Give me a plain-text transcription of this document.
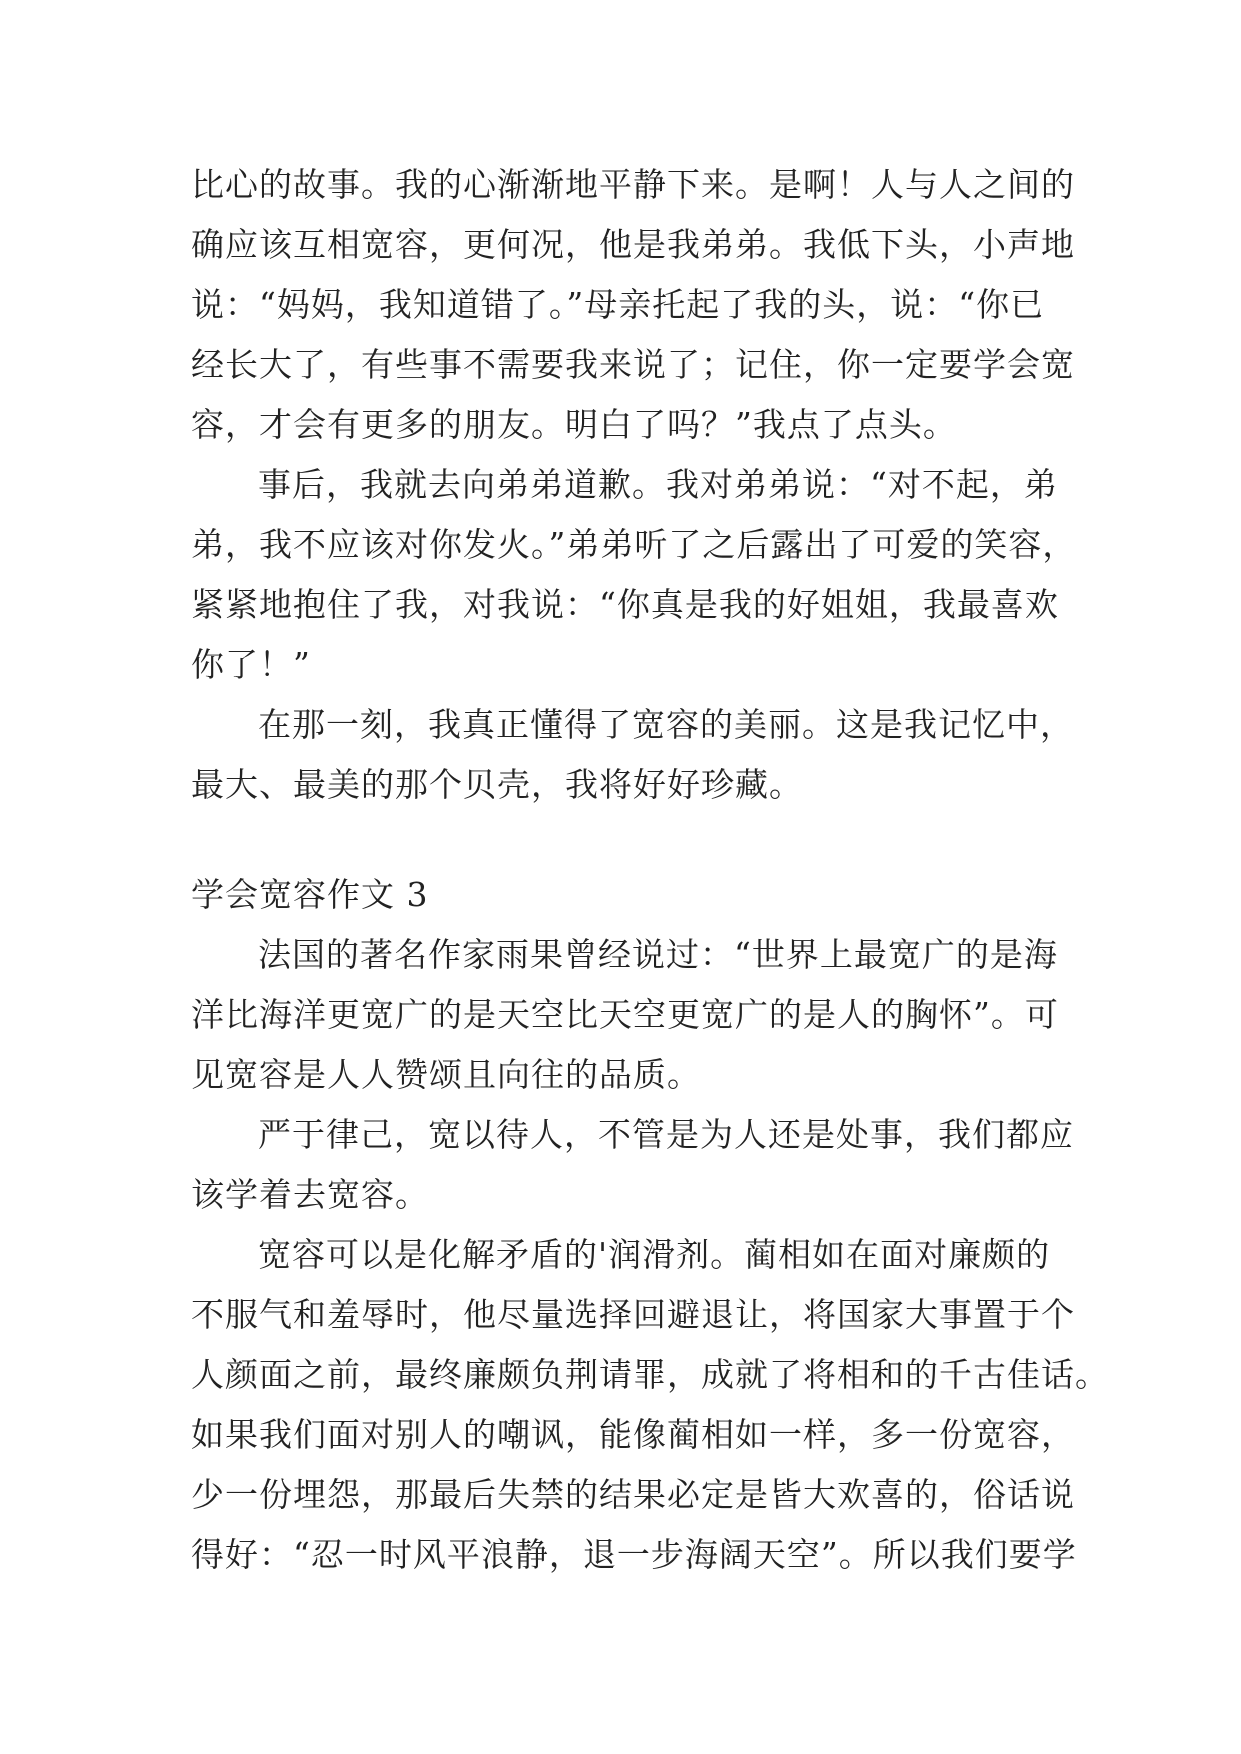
比心的故事。我的心渐渐地平静下来。是啊！人与人之间的
确应该互相宽容，更何况，他是我弟弟。我低下头，小声地
说：“妈妈，我知道错了。”母亲托起了我的头，说：“你已
经长大了，有些事不需要我来说了；记住，你一定要学会宽
容，才会有更多的朋友。明白了吗？”我点了点头。
事后，我就去向弟弟道歉。我对弟弟说：“对不起，弟
弟，我不应该对你发火。”弟弟听了之后露出了可爱的笑容，
紧紧地抱住了我，对我说：“你真是我的好姐姐，我最喜欢
你了！”
在那一刻，我真正懂得了宽容的美丽。这是我记忆中，
最大、最美的那个贝壳，我将好好珍藏。
学会宽容作文 3
法国的著名作家雨果曾经说过：“世界上最宽广的是海
洋比海洋更宽广的是天空比天空更宽广的是人的胸怀”。可
见宽容是人人赞颂且向往的品质。
严于律己，宽以待人，不管是为人还是处事，我们都应
该学着去宽容。
宽容可以是化解矛盾的'润滑剂。蔺相如在面对廉颇的
不服气和羞辱时，他尽量选择回避退让，将国家大事置于个
人颜面之前，最终廉颇负荆请罪，成就了将相和的千古佳话。
如果我们面对别人的嘲讽，能像蔺相如一样，多一份宽容，
少一份埋怨，那最后失禁的结果必定是皆大欢喜的，俗话说
得好：“忍一时风平浪静，退一步海阔天空”。所以我们要学
